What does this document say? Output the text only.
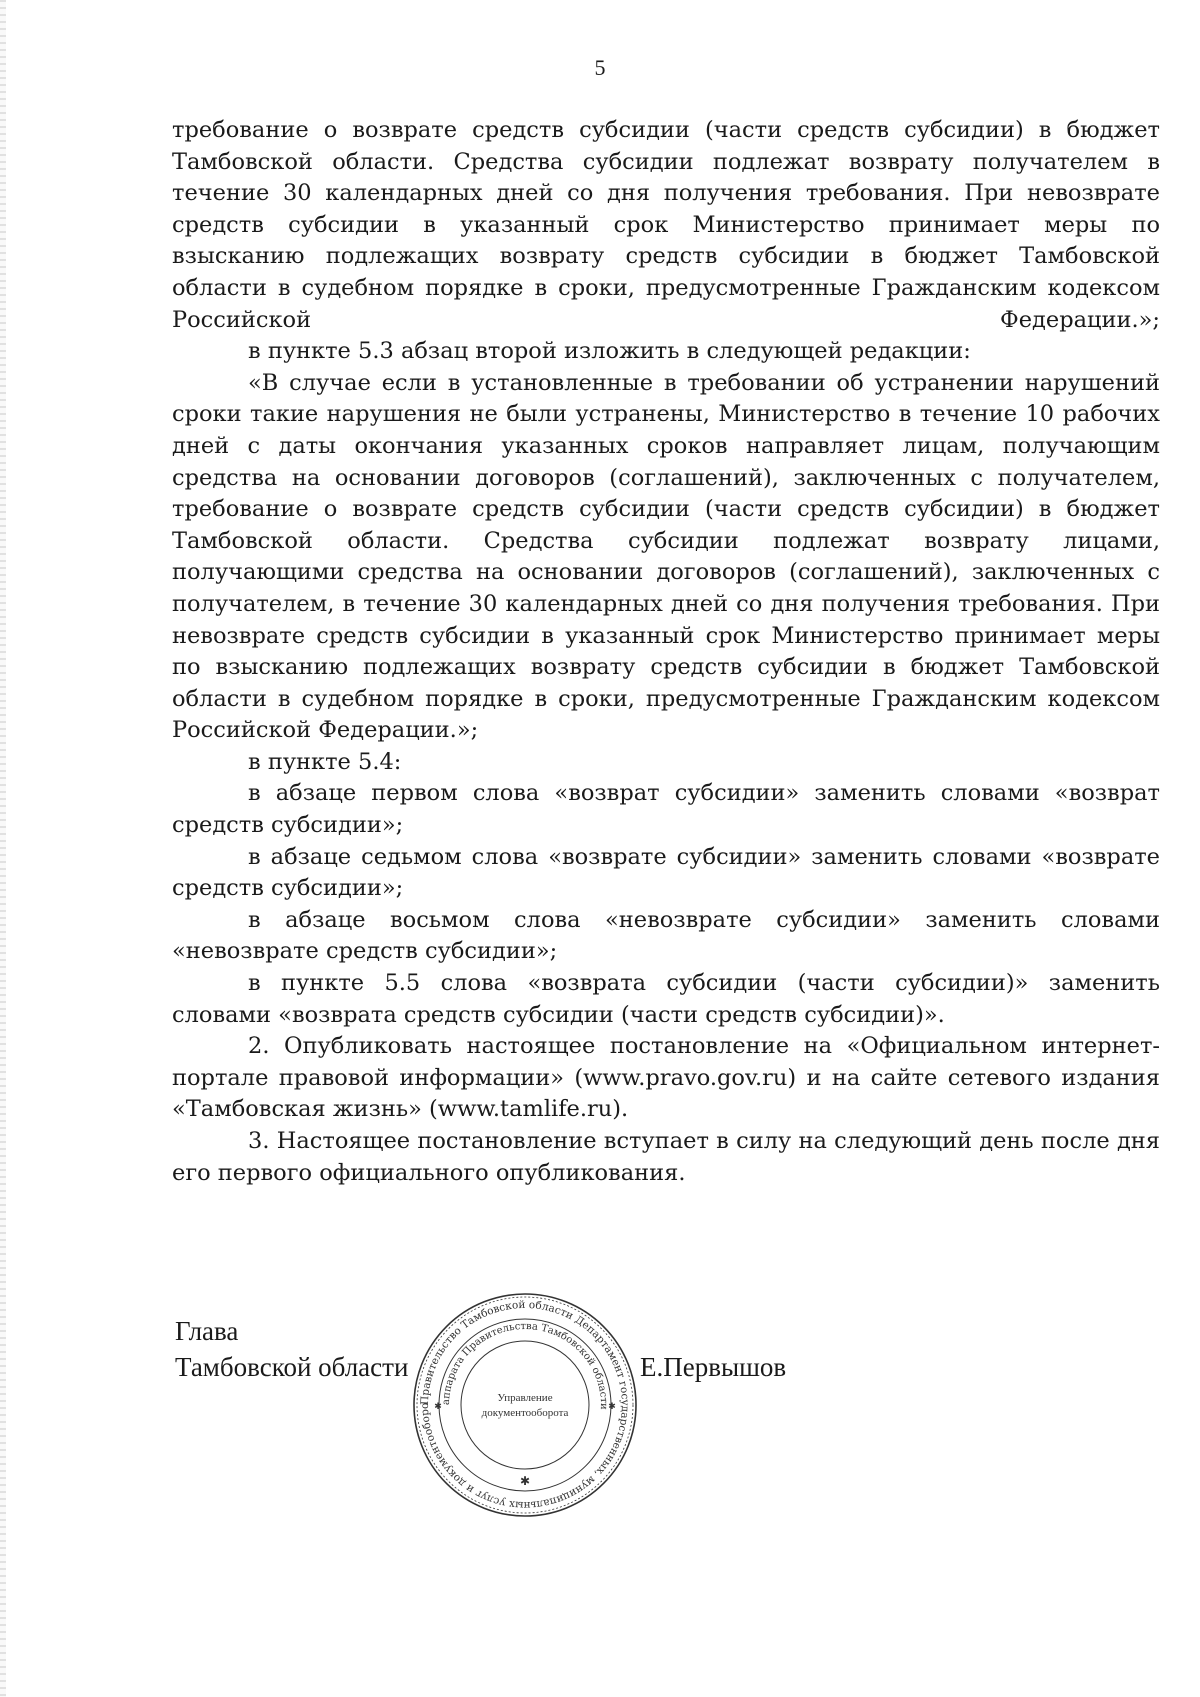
5

требование о возврате средств субсидии (части средств субсидии) в бюджет Тамбовской области. Средства субсидии подлежат возврату получателем в течение 30 календарных дней со дня получения требования. При невозврате средств субсидии в указанный срок Министерство принимает меры по взысканию подлежащих возврату средств субсидии в бюджет Тамбовской области в судебном порядке в сроки, предусмотренные Гражданским кодексом Российской Федерации.»;

в пункте 5.3 абзац второй изложить в следующей редакции:

«В случае если в установленные в требовании об устранении нарушений сроки такие нарушения не были устранены, Министерство в течение 10 рабочих дней с даты окончания указанных сроков направляет лицам, получающим средства на основании договоров (соглашений), заключенных с получателем, требование о возврате средств субсидии (части средств субсидии) в бюджет Тамбовской области. Средства субсидии подлежат возврату лицами, получающими средства на основании договоров (соглашений), заключенных с получателем, в течение 30 календарных дней со дня получения требования. При невозврате средств субсидии в указанный срок Министерство принимает меры по взысканию подлежащих возврату средств субсидии в бюджет Тамбовской области в судебном порядке в сроки, предусмотренные Гражданским кодексом Российской Федерации.»;

в пункте 5.4:

в абзаце первом слова «возврат субсидии» заменить словами «возврат средств субсидии»;

в абзаце седьмом слова «возврате субсидии» заменить словами «возврате средств субсидии»;

в абзаце восьмом слова «невозврате субсидии» заменить словами «невозврате средств субсидии»;

в пункте 5.5 слова «возврата субсидии (части субсидии)» заменить словами «возврата средств субсидии (части средств субсидии)».

2. Опубликовать настоящее постановление на «Официальном интернет-портале правовой информации» (www.pravo.gov.ru) и на сайте сетевого издания «Тамбовская жизнь» (www.tamlife.ru).

3. Настоящее постановление вступает в силу на следующий день после дня его первого официального опубликования.

Глава
Тамбовской области	Е.Первышов
Правительство Тамбовской области Департамент государственных, муниципальных услуг и документооборо
аппарата Правительства Тамбовской области
Управление
документооборота
✱
✱	✱
